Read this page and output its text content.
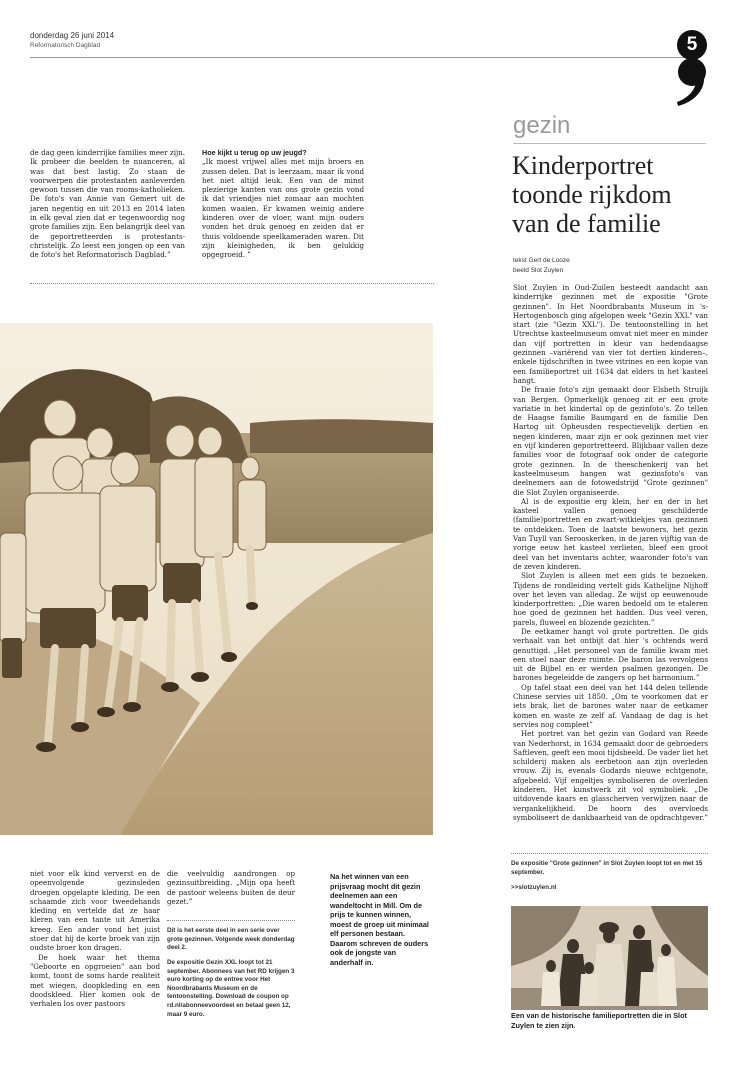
donderdag 26 juni 2014
Reformatorisch Dagblad	5

de dag geen kinderrijke families meer zijn. Ik probeer die beelden te nuanceren, al was dat best lastig. Zo staan de voorwerpen die protestanten aanleverden gewoon tussen die van rooms-katholieken. De foto's van Annie van Gemert uit de jaren negentig en uit 2013 en 2014 laten in elk geval zien dat er tegenwoordig nog grote families zijn. Een belangrijk deel van de geportretteerden is protestants-christelijk. Zo leest een jongen op een van de foto's het Reformatorisch Dagblad.”

Hoe kijkt u terug op uw jeugd?

„Ik moest vrijwel alles met mijn broers en zussen delen. Dat is leerzaam, maar ik vond het niet altijd leuk. Een van de minst plezierige kanten van ons grote gezin vond ik dat vriendjes niet zomaar aan mochten komen waaien. Er kwamen weinig andere kinderen over de vloer, want mijn ouders vonden het druk genoeg en zeiden dat er thuis voldoende speelkameraden waren. Dit zijn kleinigheden, ik ben gelukkig opgegroeid. ”

gezin
Kinderportret toonde rijkdom van de familie
tekst Gert de Looze
beeld Slot Zuylen

Slot Zuylen in Oud-Zuilen besteedt aandacht aan kinderrijke gezinnen met de expositie "Grote gezinnen". In Het Noordbrabants Museum in 's-Hertogenbosch ging afgelopen week "Gezin XXL" van start (zie "Gezin XXL"). De tentoonstelling in het Utrechtse kasteelmuseum omvat niet meer en minder dan vijf portretten in kleur van hedendaagse gezinnen –variërend van vier tot dertien kinderen–, enkele tijdschriften in twee vitrines en een kopie van een familieportret uit 1634 dat elders in het kasteel hangt.

De fraaie foto's zijn gemaakt door Elsbeth Struijk van Bergen. Opmerkelijk genoeg zit er een grote variatie in het kindertal op de gezinfoto's. Zo tellen de Haagse familie Baumgard en de familie Den Hartog uit Opheusden respectievelijk dertien en negen kinderen, maar zijn er ook gezinnen met vier en vijf kinderen geportretteerd. Blijkbaar vallen deze families voor de fotograaf ook onder de categorie grote gezinnen. In de theeschenkerij van het kasteelmuseum hangen wat gezinsfoto's van deelnemers aan de fotowedstrijd "Grote gezinnen" die Slot Zuylen organiseerde.

Al is de expositie erg klein, her en der in het kasteel vallen genoeg geschilderde (familie)portretten en zwart-witkiekjes van gezinnen te ontdekken. Toen de laatste bewoners, het gezin Van Tuyll van Serooskerken, in de jaren vijftig van de vorige eeuw het kasteel verlieten, bleef een groot deel van het inventaris achter, waaronder foto's van de zeven kinderen.

Slot Zuylen is alleen met een gids te bezoeken. Tijdens de rondleiding vertelt gids Kathelijne Nijhoff over het leven van alledag. Ze wijst op eeuwenoude kinderportretten: „Die waren bedoeld om te etaleren hoe goed de gezinnen het hadden. Dus veel veren, parels, fluweel en blozende gezichten.”

De eetkamer hangt vol grote portretten. De gids verhaalt van het ontbijt dat hier 's ochtends werd genuttigd. „Het personeel van de familie kwam met een stoel naar deze ruimte. De baron las vervolgens uit de Bijbel en er werden psalmen gezongen. De barones begeleidde de zangers op het harmonium.”

Op tafel staat een deel van het 144 delen tellende Chinese servies uit 1850. „Om te voorkomen dat er iets brak, liet de barones water naar de eetkamer komen en waste ze zelf af. Vandaag de dag is het servies nog compleet”

Het portret van het gezin van Godard van Reede van Nederhorst, in 1634 gemaakt door de gebroeders Saftleven, geeft een mooi tijdsbeeld. De vader liet het schilderij maken als eerbetoon aan zijn overleden vrouw. Zij is, evenals Godards nieuwe echtgenote, afgebeeld. Vijf engeltjes symboliseren de overleden kinderen. Het kunstwerk zit vol symboliek. „De uitdovende kaars en glasscherven verwijzen naar de vergankelijkheid. De hoorn des overvloeds symboliseert de dankbaarheid van de opdrachtgever.”

De expositie "Grote gezinnen" in Slot Zuylen loopt tot en met 15 september.
>>slotzuylen.nl
Een van de historische familieportretten die in Slot Zuylen te zien zijn.

niet voor elk kind ververst en de opeenvolgende gezinsleden droegen opgelapte kleding. De een schaamde zich voor tweedehands kleding en vertelde dat ze haar kleren van een tante uit Amerika kreeg. Een ander vond het juist stoer dat hij de korte broek van zijn oudste broer kon dragen.

De hoek waar het thema "Geboorte en opgroeien" aan bod komt, toont de soms harde realiteit met wiegen, doopkleding en een doodskleed. Hier komen ook de verhalen los over pastoors

die veelvuldig aandrongen op gezinsuitbreiding. „Mijn opa heeft de pastoor weleens buiten de deur gezet.”

Dit is het eerste deel in een serie over grote gezinnen. Volgende week donderdag deel 2.

De expositie Gezin XXL loopt tot 21 september. Abonnees van het RD krijgen 3 euro korting op de entree voor Het Noordbrabants Museum en de tentoonstelling. Download de coupon op rd.nl/abonneevoordeel en betaal geen 12, maar 9 euro.

Na het winnen van een prijsvraag mocht dit gezin deelnemen aan een wandeltocht in Mill. Om de prijs te kunnen winnen, moest de groep uit minimaal elf personen bestaan. Daarom schreven de ouders ook de jongste van anderhalf in.
